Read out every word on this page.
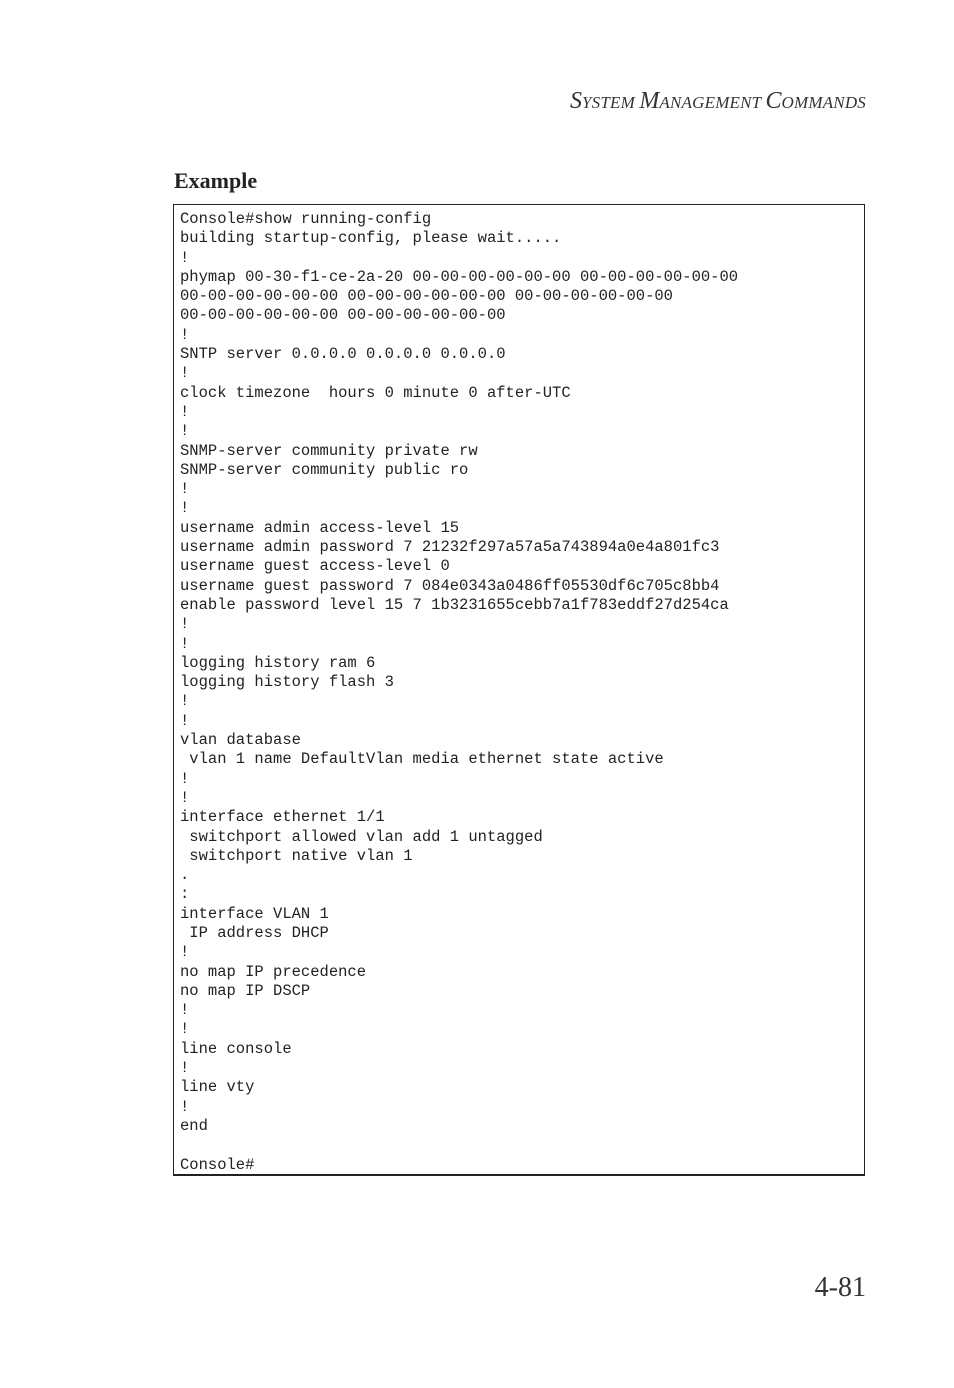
SYSTEM MANAGEMENT COMMANDS
Example
Console#show running-config
building startup-config, please wait.....
!
phymap 00-30-f1-ce-2a-20 00-00-00-00-00-00 00-00-00-00-00-00
00-00-00-00-00-00 00-00-00-00-00-00 00-00-00-00-00-00
00-00-00-00-00-00 00-00-00-00-00-00
!
SNTP server 0.0.0.0 0.0.0.0 0.0.0.0
!
clock timezone  hours 0 minute 0 after-UTC
!
!
SNMP-server community private rw
SNMP-server community public ro
!
!
username admin access-level 15
username admin password 7 21232f297a57a5a743894a0e4a801fc3
username guest access-level 0
username guest password 7 084e0343a0486ff05530df6c705c8bb4
enable password level 15 7 1b3231655cebb7a1f783eddf27d254ca
!
!
logging history ram 6
logging history flash 3
!
!
vlan database
vlan 1 name DefaultVlan media ethernet state active
!
!
interface ethernet 1/1
switchport allowed vlan add 1 untagged
switchport native vlan 1
.
:
interface VLAN 1
IP address DHCP
!
no map IP precedence
no map IP DSCP
!
!
line console
!
line vty
!
end
Console#
4-81
